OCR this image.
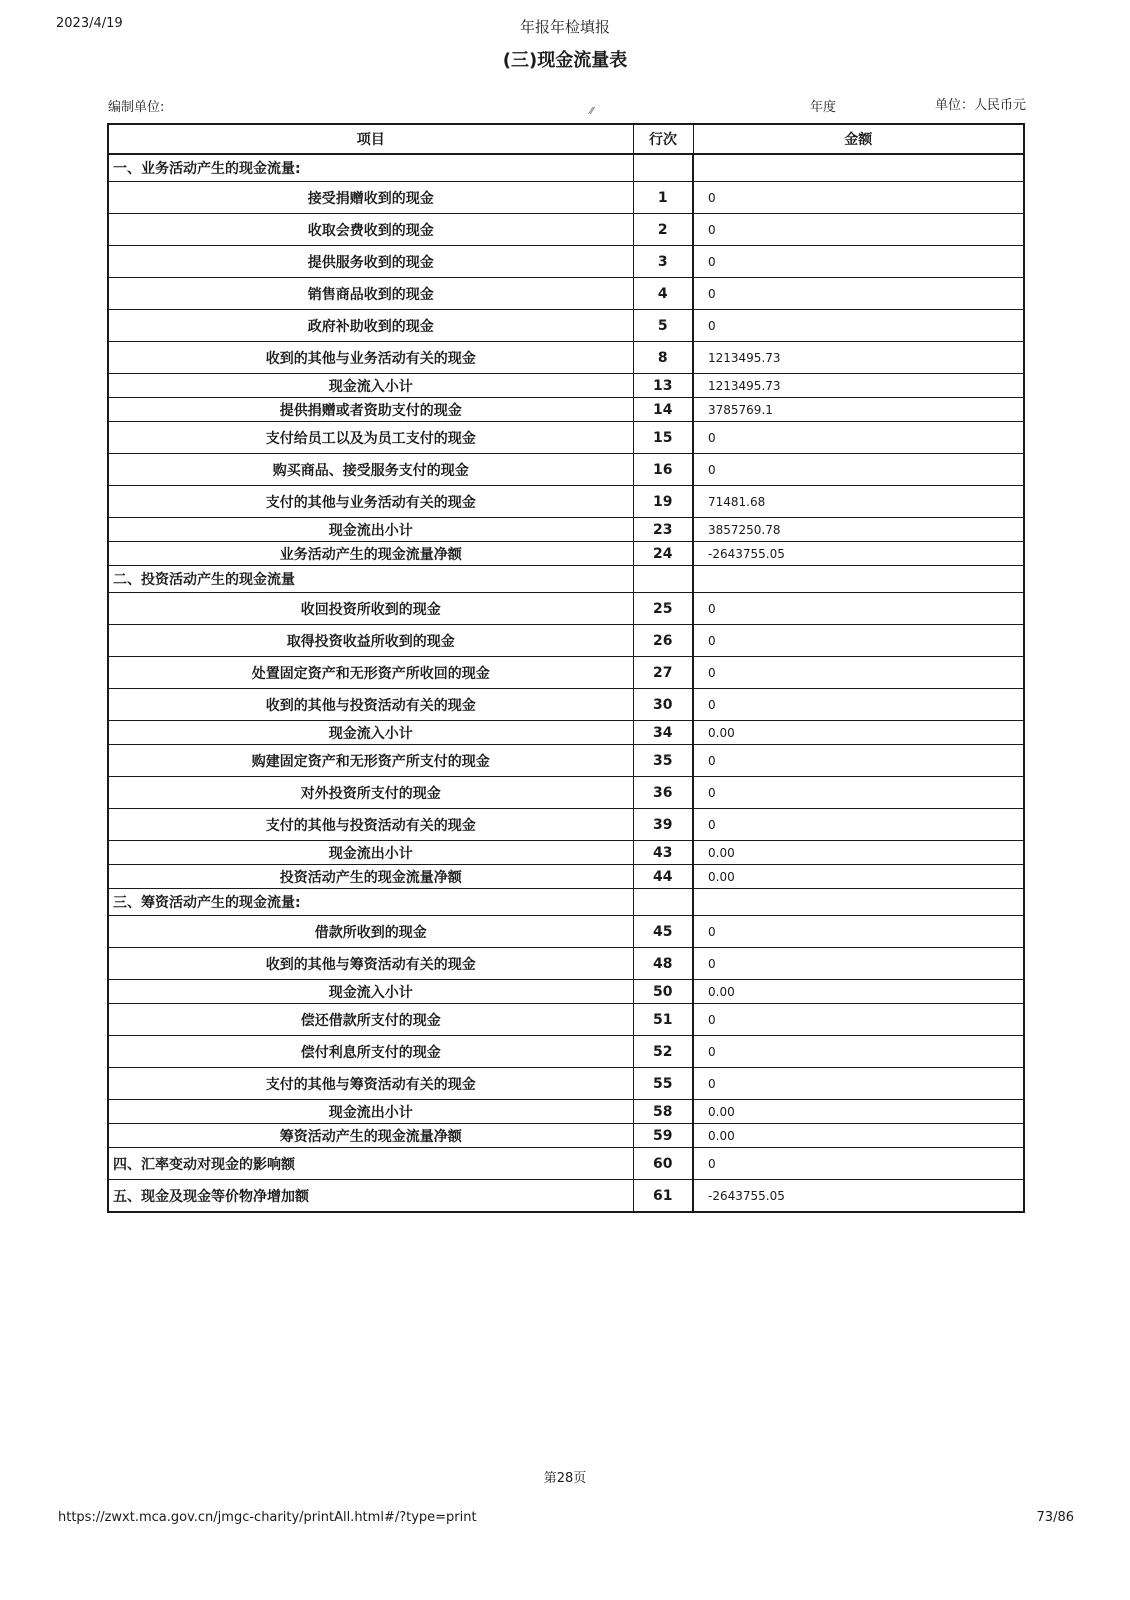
2023/4/19	年报年检填报
(三)现金流量表
编制单位:	⁄⁄	年度	单位：人民币元
项目	行次	金额
一、业务活动产生的现金流量:		
接受捐赠收到的现金	1	0
收取会费收到的现金	2	0
提供服务收到的现金	3	0
销售商品收到的现金	4	0
政府补助收到的现金	5	0
收到的其他与业务活动有关的现金	8	1213495.73
现金流入小计	13	1213495.73
提供捐赠或者资助支付的现金	14	3785769.1
支付给员工以及为员工支付的现金	15	0
购买商品、接受服务支付的现金	16	0
支付的其他与业务活动有关的现金	19	71481.68
现金流出小计	23	3857250.78
业务活动产生的现金流量净额	24	-2643755.05
二、投资活动产生的现金流量		
收回投资所收到的现金	25	0
取得投资收益所收到的现金	26	0
处置固定资产和无形资产所收回的现金	27	0
收到的其他与投资活动有关的现金	30	0
现金流入小计	34	0.00
购建固定资产和无形资产所支付的现金	35	0
对外投资所支付的现金	36	0
支付的其他与投资活动有关的现金	39	0
现金流出小计	43	0.00
投资活动产生的现金流量净额	44	0.00
三、筹资活动产生的现金流量:		
借款所收到的现金	45	0
收到的其他与筹资活动有关的现金	48	0
现金流入小计	50	0.00
偿还借款所支付的现金	51	0
偿付利息所支付的现金	52	0
支付的其他与筹资活动有关的现金	55	0
现金流出小计	58	0.00
筹资活动产生的现金流量净额	59	0.00
四、汇率变动对现金的影响额	60	0
五、现金及现金等价物净增加额	61	-2643755.05
第28页
https://zwxt.mca.gov.cn/jmgc-charity/printAll.html#/?type=print	73/86
